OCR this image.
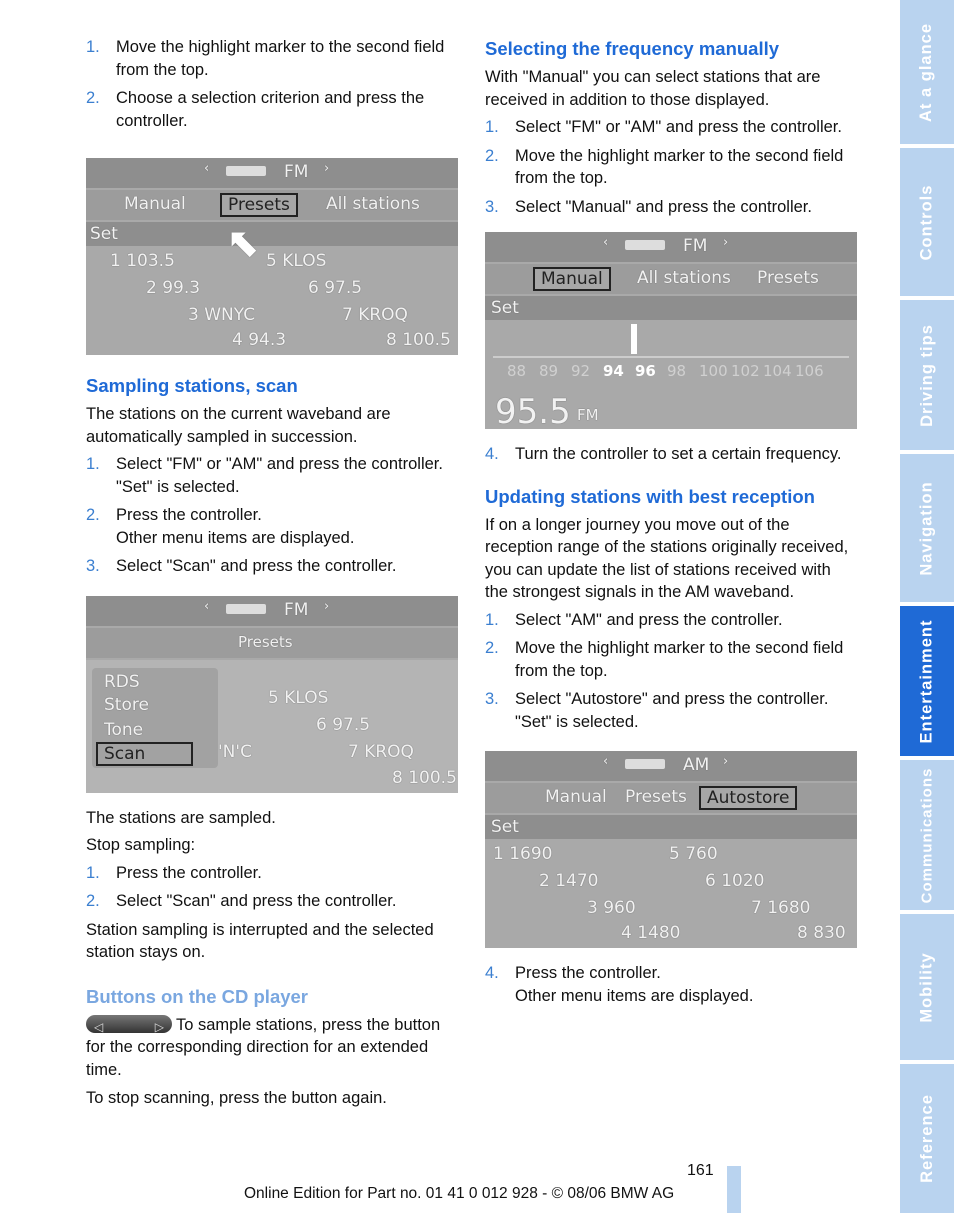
1. Move the highlight marker to the second field from the top.
2. Choose a selection criterion and press the controller.
‹	FM ›
Manual	Presets	All stations
Set	⬉
1 103.5	5 KLOS
2 99.3	6 97.5
3 WNYC	7 KROQ
4 94.3	8 100.5
Sampling stations, scan

The stations on the current waveband are automatically sampled in succession.

1. Select "FM" or "AM" and press the controller.
"Set" is selected.
2. Press the controller.
Other menu items are displayed.
3. Select "Scan" and press the controller.
‹	FM ›
Presets
5 KLOS
6 97.5
'N'C	7 KROQ
8 100.5
RDS
Store
Tone
Scan

The stations are sampled.

Stop sampling:

1. Press the controller.
2. Select "Scan" and press the controller.

Station sampling is interrupted and the selected station stays on.

Buttons on the CD player

◁	▷ To sample stations, press the button for the corresponding direction for an extended time.

To stop scanning, press the button again.

Selecting the frequency manually

With "Manual" you can select stations that are received in addition to those displayed.

1. Select "FM" or "AM" and press the controller.
2. Move the highlight marker to the second field from the top.
3. Select "Manual" and press the controller.
‹	FM ›
Manual	All stations Presets
Set
88 89 92 94 96 98 100 102 104 106
95.5 FM
4. Turn the controller to set a certain frequency.
Updating stations with best reception

If on a longer journey you move out of the reception range of the stations originally received, you can update the list of stations received with the strongest signals in the AM waveband.

1. Select "AM" and press the controller.
2. Move the highlight marker to the second field from the top.
3. Select "Autostore" and press the controller.
"Set" is selected.
‹	AM ›
Manual Presets	Autostore
Set
1 1690	5 760
2 1470	6 1020
3 960	7 1680
4 1480	8 830
4. Press the controller.
Other menu items are displayed.
At a glance
Controls
Driving tips
Navigation
Entertainment
Communications
Mobility
Reference
161
Online Edition for Part no. 01 41 0 012 928 - © 08/06 BMW AG
